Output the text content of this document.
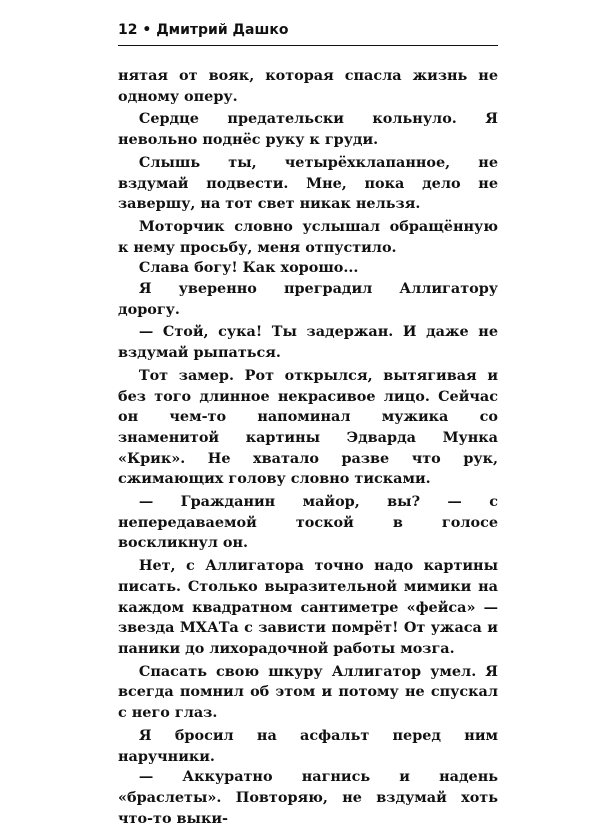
12 • Дмитрий Дашко

нятая от вояк, которая спасла жизнь не одному оперу.

Сердце предательски кольнуло. Я невольно поднёс руку к груди.

Слышь ты, четырёхклапанное, не вздумай подвести. Мне, пока дело не завершу, на тот свет никак нельзя.

Моторчик словно услышал обращённую к нему просьбу, меня отпустило.

Слава богу! Как хорошо...

Я уверенно преградил Аллигатору дорогу.

— Стой, сука! Ты задержан. И даже не вздумай рыпаться.

Тот замер. Рот открылся, вытягивая и без того длинное некрасивое лицо. Сейчас он чем-то напоминал мужика со знаменитой картины Эдварда Мунка «Крик». Не хватало разве что рук, сжимающих голову словно тисками.

— Гражданин майор, вы? — с непередаваемой тоской в голосе воскликнул он.

Нет, с Аллигатора точно надо картины писать. Столько выразительной мимики на каждом квадратном сантиметре «фейса» — звезда МХАТа с зависти помрёт! От ужаса и паники до лихорадочной работы мозга.

Спасать свою шкуру Аллигатор умел. Я всегда помнил об этом и потому не спускал с него глаз.

Я бросил на асфальт перед ним наручники.

— Аккуратно нагнись и надень «браслеты». Повторяю, не вздумай хоть что-то выки-
